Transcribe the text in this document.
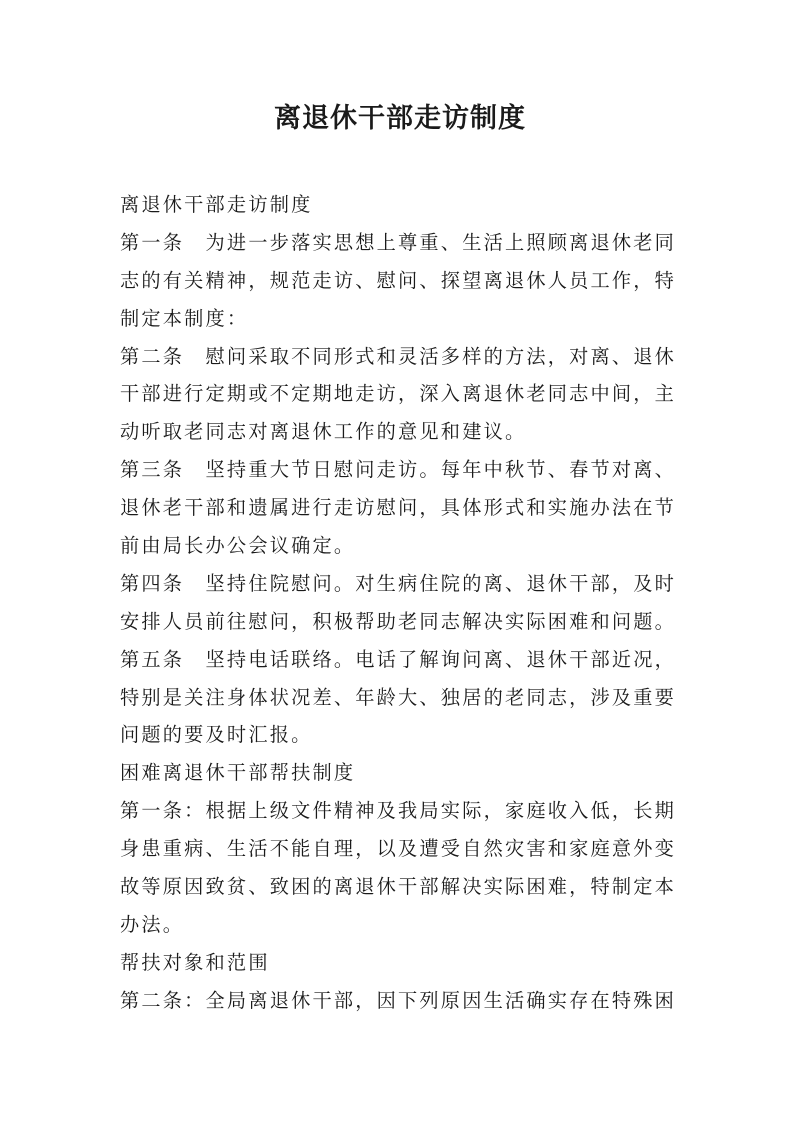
离退休干部走访制度
离退休干部走访制度
第一条　为进一步落实思想上尊重、生活上照顾离退休老同
志的有关精神，规范走访、慰问、探望离退休人员工作，特
制定本制度：
第二条　慰问采取不同形式和灵活多样的方法，对离、退休
干部进行定期或不定期地走访，深入离退休老同志中间，主
动听取老同志对离退休工作的意见和建议。
第三条　坚持重大节日慰问走访。每年中秋节、春节对离、
退休老干部和遗属进行走访慰问，具体形式和实施办法在节
前由局长办公会议确定。
第四条　坚持住院慰问。对生病住院的离、退休干部，及时
安排人员前往慰问，积极帮助老同志解决实际困难和问题。
第五条　坚持电话联络。电话了解询问离、退休干部近况，
特别是关注身体状况差、年龄大、独居的老同志，涉及重要
问题的要及时汇报。
困难离退休干部帮扶制度
第一条：根据上级文件精神及我局实际，家庭收入低，长期
身患重病、生活不能自理，以及遭受自然灾害和家庭意外变
故等原因致贫、致困的离退休干部解决实际困难，特制定本
办法。
帮扶对象和范围
第二条：全局离退休干部，因下列原因生活确实存在特殊困
